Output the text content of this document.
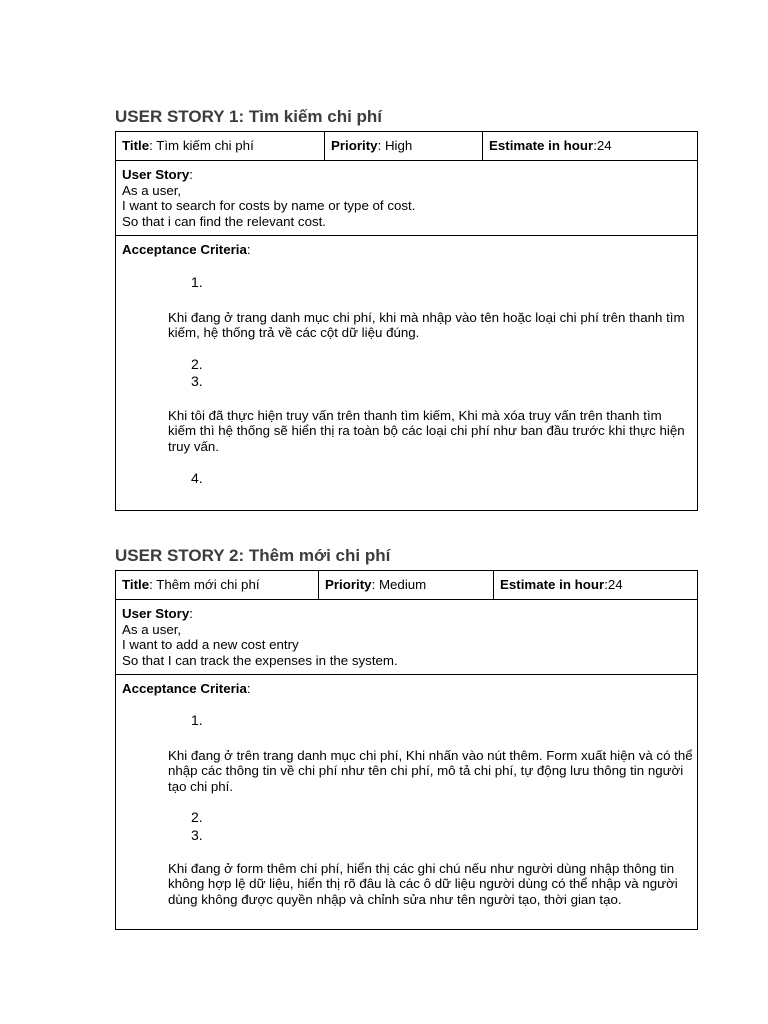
USER STORY 1: Tìm kiếm chi phí
Title: Tìm kiếm chi phí	Priority: High	Estimate in hour:24

User Story:
As a user,
I want to search for costs by name or type of cost.
So that i can find the relevant cost.

Acceptance Criteria:
1.
Khi đang ở trang danh mục chi phí, khi mà nhập vào tên hoặc loại chi phí trên thanh tìm kiếm, hệ thống trả về các cột dữ liệu đúng.
2.
3.
Khi tôi đã thực hiện truy vấn trên thanh tìm kiếm, Khi mà xóa truy vấn trên thanh tìm kiếm thì hệ thống sẽ hiển thị ra toàn bộ các loại chi phí như ban đầu trước khi thực hiện truy vấn.
4.
USER STORY 2: Thêm mới chi phí
Title: Thêm mới chi phí	Priority: Medium	Estimate in hour:24

User Story:
As a user,
I want to add a new cost entry
So that I can track the expenses in the system.

Acceptance Criteria:
1.
Khi đang ở trên trang danh mục chi phí, Khi nhấn vào nút thêm. Form xuất hiện và có thể nhập các thông tin về chi phí như tên chi phí, mô tả chi phí, tự động lưu thông tin người tạo chi phí.
2.
3.
Khi đang ở form thêm chi phí, hiển thị các ghi chú nếu như người dùng nhập thông tin không hợp lệ dữ liệu, hiển thị rõ đâu là các ô dữ liệu người dùng có thể nhập và người dùng không được quyền nhập và chỉnh sửa như tên người tạo, thời gian tạo.
